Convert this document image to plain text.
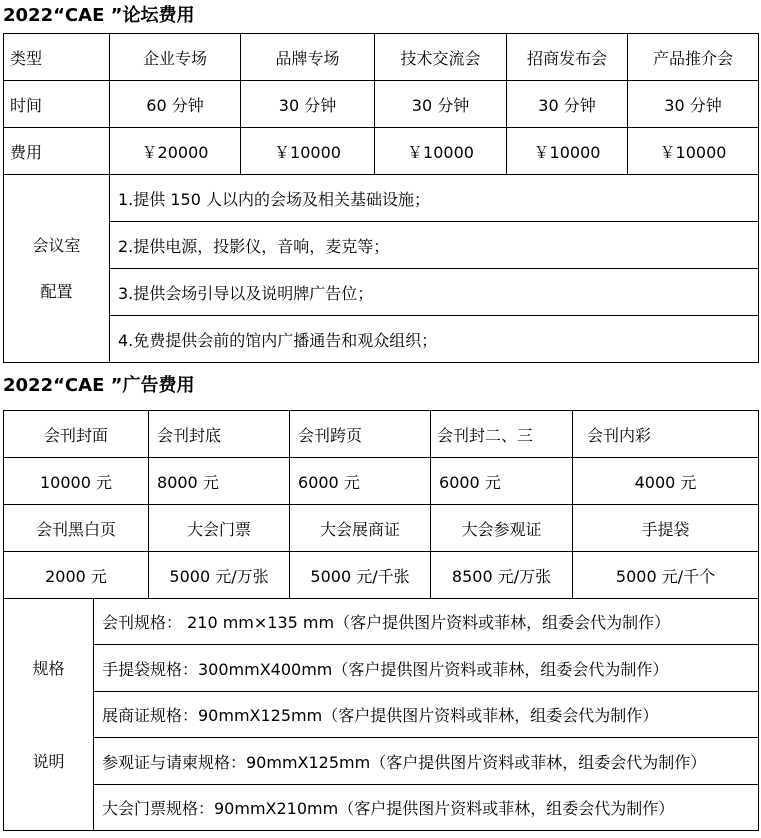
2022“CAE ”论坛费用
类型	企业专场	品牌专场	技术交流会	招商发布会	产品推介会
时间	60 分钟	30 分钟	30 分钟	30 分钟	30 分钟
费用	￥20000	￥10000	￥10000	￥10000	￥10000

会议室
配置	1.提供 150 人以内的会场及相关基础设施；				
	2.提供电源，投影仪，音响，麦克等；				
	3.提供会场引导以及说明牌广告位；				
	4.免费提供会前的馆内广播通告和观众组织；				
2022“CAE ”广告费用
会刊封面		会刊封底	会刊跨页	会刊封二、三	会刊内彩
10000 元		8000 元	6000 元	6000 元	4000 元
会刊黑白页		大会门票	大会展商证	大会参观证	手提袋
2000 元		5000 元/万张	5000 元/千张	8500 元/万张	5000 元/千个

规格
说明	会刊规格： 210 mm×135 mm（客户提供图片资料或菲林，组委会代为制作）				
	手提袋规格：300mmX400mm（客户提供图片资料或菲林，组委会代为制作）				
	展商证规格：90mmX125mm（客户提供图片资料或菲林，组委会代为制作）				
	参观证与请柬规格：90mmX125mm（客户提供图片资料或菲林，组委会代为制作）				
	大会门票规格：90mmX210mm（客户提供图片资料或菲林，组委会代为制作）				
